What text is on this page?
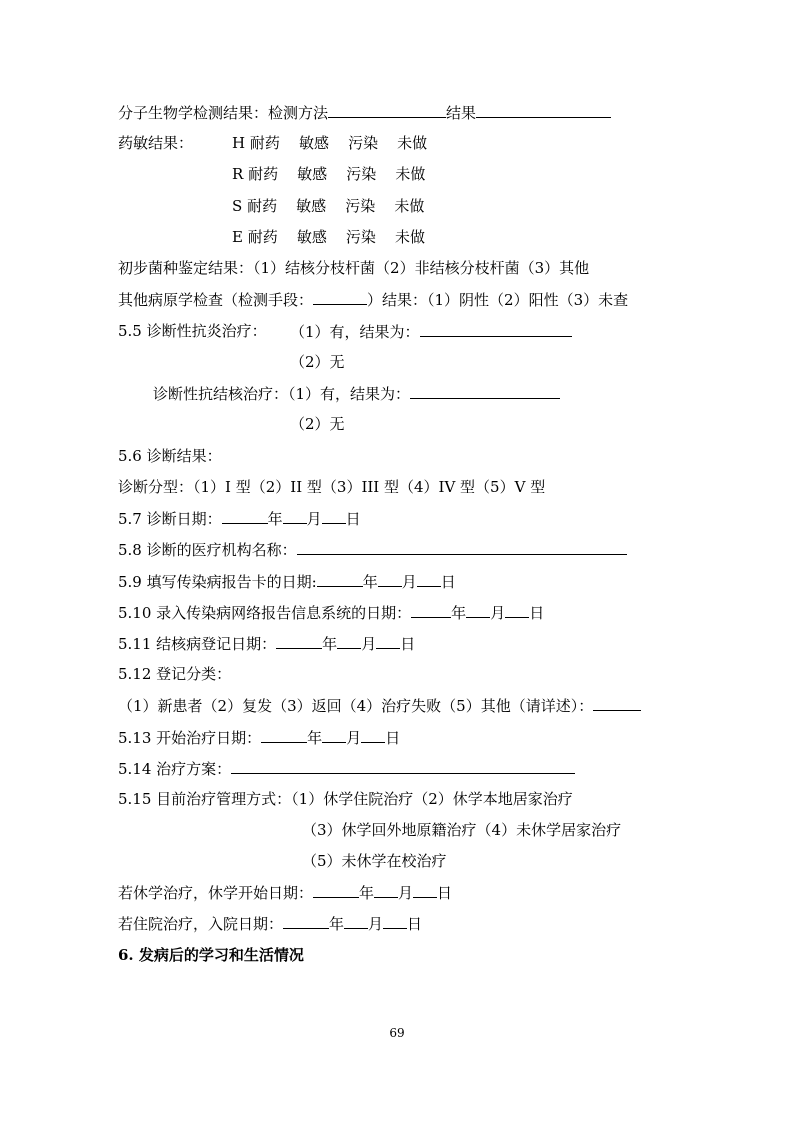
分子生物学检测结果：检测方法	结果
药敏结果：	H 耐药 敏感 污染 未做
R 耐药 敏感 污染 未做
S 耐药 敏感 污染 未做
E 耐药 敏感 污染 未做
初步菌种鉴定结果：（1）结核分枝杆菌（2）非结核分枝杆菌（3）其他
其他病原学检查（检测手段：	）结果：（1）阴性（2）阳性（3）未查
5.5 诊断性抗炎治疗： （1）有，结果为：
（2）无
诊断性抗结核治疗：（1）有，结果为：
（2）无
5.6 诊断结果：
诊断分型：（1）I 型（2）II 型（3）III 型（4）IV 型（5）V 型
5.7 诊断日期：	年 月 日
5.8 诊断的医疗机构名称：
5.9 填写传染病报告卡的日期:	年 月 日
5.10 录入传染病网络报告信息系统的日期：	年 月 日
5.11 结核病登记日期：	年 月 日
5.12 登记分类：
（1）新患者（2）复发（3）返回（4）治疗失败（5）其他（请详述）：
5.13 开始治疗日期：	年 月 日
5.14 治疗方案：
5.15 目前治疗管理方式：（1）休学住院治疗（2）休学本地居家治疗
（3）休学回外地原籍治疗（4）未休学居家治疗
（5）未休学在校治疗
若休学治疗，休学开始日期：	年 月 日
若住院治疗，入院日期：	年 月 日
6. 发病后的学习和生活情况
69
